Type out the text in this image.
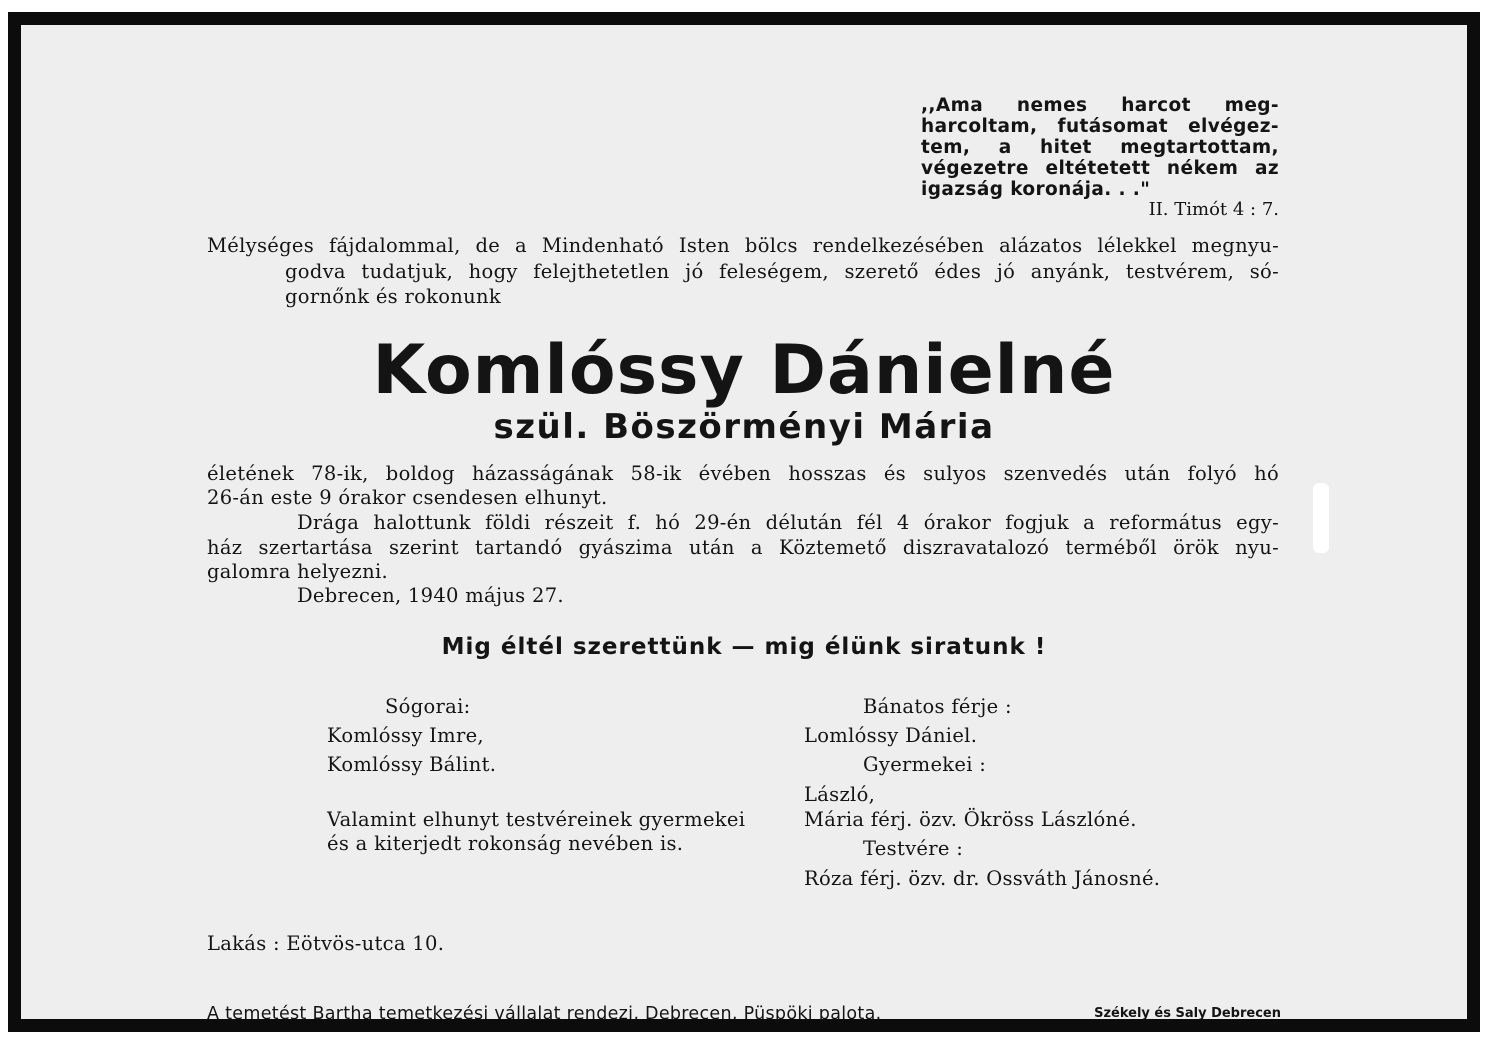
,,Ama nemes harcot meg-
harcoltam, futásomat elvégez-
tem, a hitet megtartottam,
végezetre eltétetett nékem az
igazság koronája. . ."
II. Timót 4 : 7.
Mélységes fájdalommal, de a Mindenható Isten bölcs rendelkezésében alázatos lélekkel megnyu-
godva tudatjuk, hogy felejthetetlen jó feleségem, szerető édes jó anyánk, testvérem, só-
gornőnk és rokonunk
Komlóssy Dánielné
szül. Böszörményi Mária
életének 78-ik, boldog házasságának 58-ik évében hosszas és sulyos szenvedés után folyó hó
26-án este 9 órakor csendesen elhunyt.
Drága halottunk földi részeit f. hó 29-én délután fél 4 órakor fogjuk a református egy-
ház szertartása szerint tartandó gyászima után a Köztemető diszravatalozó terméből örök nyu-
galomra helyezni.
Debrecen, 1940 május 27.
Mig éltél szerettünk — mig élünk siratunk !
Sógorai:
Komlóssy Imre,
Komlóssy Bálint.
Valamint elhunyt testvéreinek gyermekei
és a kiterjedt rokonság nevében is.
Bánatos férje :
Lomlóssy Dániel.
Gyermekei :
László,
Mária férj. özv. Ökröss Lászlóné.
Testvére :
Róza férj. özv. dr. Ossváth Jánosné.
Lakás : Eötvös-utca 10.
A temetést Bartha temetkezési vállalat rendezi, Debrecen, Püspöki palota.	Székely és Saly Debrecen
